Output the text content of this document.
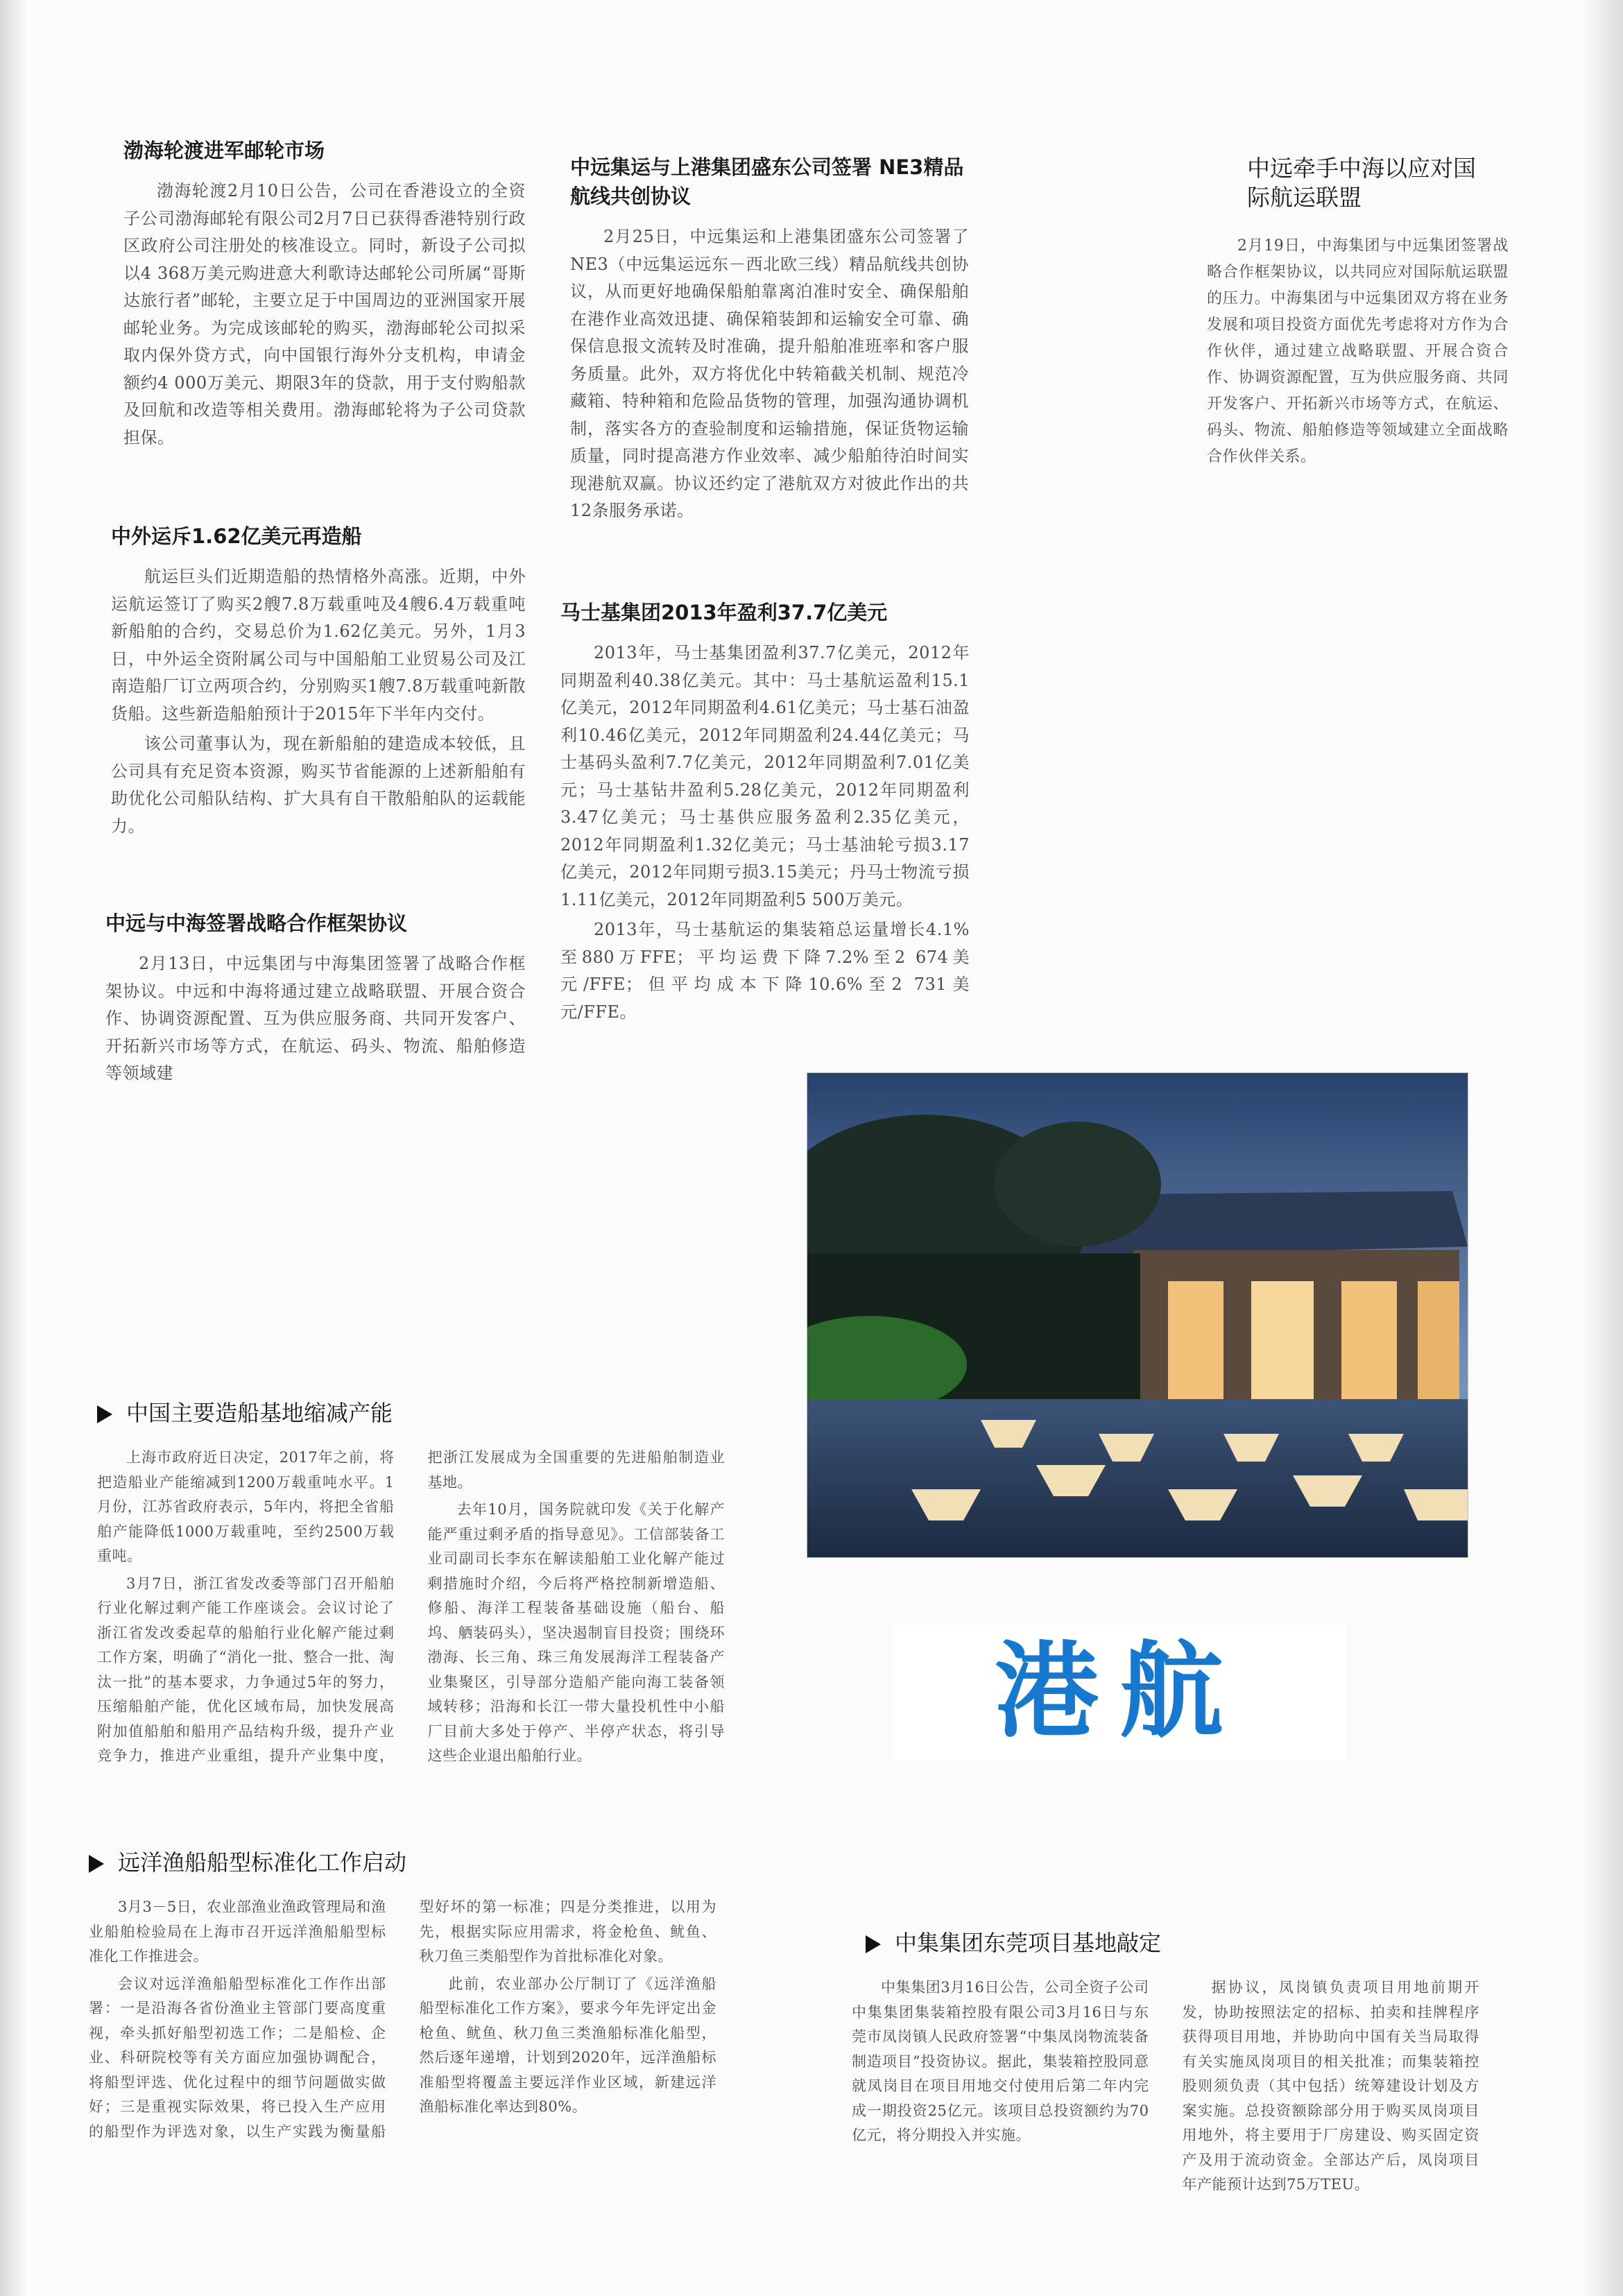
渤海轮渡进军邮轮市场

渤海轮渡2月10日公告，公司在香港设立的全资子公司渤海邮轮有限公司2月7日已获得香港特别行政区政府公司注册处的核准设立。同时，新设子公司拟以4 368万美元购进意大利歌诗达邮轮公司所属“哥斯达旅行者”邮轮，主要立足于中国周边的亚洲国家开展邮轮业务。为完成该邮轮的购买，渤海邮轮公司拟采取内保外贷方式，向中国银行海外分支机构，申请金额约4 000万美元、期限3年的贷款，用于支付购船款及回航和改造等相关费用。渤海邮轮将为子公司贷款担保。

中外运斥1.62亿美元再造船

航运巨头们近期造船的热情格外高涨。近期，中外运航运签订了购买2艘7.8万载重吨及4艘6.4万载重吨新船舶的合约，交易总价为1.62亿美元。另外，1月3日，中外运全资附属公司与中国船舶工业贸易公司及江南造船厂订立两项合约，分别购买1艘7.8万载重吨新散货船。这些新造船舶预计于2015年下半年内交付。

该公司董事认为，现在新船舶的建造成本较低，且公司具有充足资本资源，购买节省能源的上述新船舶有助优化公司船队结构、扩大具有自干散船舶队的运载能力。

中远与中海签署战略合作框架协议

2月13日，中远集团与中海集团签署了战略合作框架协议。中远和中海将通过建立战略联盟、开展合资合作、协调资源配置、互为供应服务商、共同开发客户、开拓新兴市场等方式，在航运、码头、物流、船舶修造等领域建

中远集运与上港集团盛东公司签署 NE3精品航线共创协议

2月25日，中远集运和上港集团盛东公司签署了NE3（中远集运远东－西北欧三线）精品航线共创协议，从而更好地确保船舶靠离泊准时安全、确保船舶在港作业高效迅捷、确保箱装卸和运输安全可靠、确保信息报文流转及时准确，提升船舶准班率和客户服务质量。此外，双方将优化中转箱截关机制、规范冷藏箱、特种箱和危险品货物的管理，加强沟通协调机制，落实各方的查验制度和运输措施，保证货物运输质量，同时提高港方作业效率、减少船舶待泊时间实现港航双赢。协议还约定了港航双方对彼此作出的共12条服务承诺。

马士基集团2013年盈利37.7亿美元

2013年，马士基集团盈利37.7亿美元，2012年同期盈利40.38亿美元。其中：马士基航运盈利15.1亿美元，2012年同期盈利4.61亿美元；马士基石油盈利10.46亿美元，2012年同期盈利24.44亿美元；马士基码头盈利7.7亿美元，2012年同期盈利7.01亿美元；马士基钻井盈利5.28亿美元，2012年同期盈利3.47亿美元；马士基供应服务盈利2.35亿美元，2012年同期盈利1.32亿美元；马士基油轮亏损3.17亿美元，2012年同期亏损3.15美元；丹马士物流亏损1.11亿美元，2012年同期盈利5 500万美元。

2013年，马士基航运的集装箱总运量增长4.1%至880万FFE；平均运费下降7.2%至2 674美元/FFE；但平均成本下降10.6%至2 731美元/FFE。

中远牵手中海以应对国际航运联盟

2月19日，中海集团与中远集团签署战略合作框架协议，以共同应对国际航运联盟的压力。中海集团与中远集团双方将在业务发展和项目投资方面优先考虑将对方作为合作伙伴，通过建立战略联盟、开展合资合作、协调资源配置，互为供应服务商、共同开发客户、开拓新兴市场等方式，在航运、码头、物流、船舶修造等领域建立全面战略合作伙伴关系。

中国主要造船基地缩减产能

上海市政府近日决定，2017年之前，将把造船业产能缩减到1200万载重吨水平。1月份，江苏省政府表示，5年内，将把全省船舶产能降低1000万载重吨，至约2500万载重吨。

3月7日，浙江省发改委等部门召开船舶行业化解过剩产能工作座谈会。会议讨论了浙江省发改委起草的船舶行业化解产能过剩工作方案，明确了“消化一批、整合一批、淘汰一批”的基本要求，力争通过5年的努力，压缩船舶产能，优化区域布局，加快发展高附加值船舶和船用产品结构升级，提升产业竞争力，推进产业重组，提升产业集中度，把浙江发展成为全国重要的先进船舶制造业基地。

去年10月，国务院就印发《关于化解产能严重过剩矛盾的指导意见》。工信部装备工业司副司长李东在解读船舶工业化解产能过剩措施时介绍，今后将严格控制新增造船、修船、海洋工程装备基础设施（船台、船坞、舾装码头），坚决遏制盲目投资；围绕环渤海、长三角、珠三角发展海洋工程装备产业集聚区，引导部分造船产能向海工装备领域转移；沿海和长江一带大量投机性中小船厂目前大多处于停产、半停产状态，将引导这些企业退出船舶行业。

远洋渔船船型标准化工作启动

3月3－5日，农业部渔业渔政管理局和渔业船舶检验局在上海市召开远洋渔船船型标准化工作推进会。

会议对远洋渔船船型标准化工作作出部署：一是沿海各省份渔业主管部门要高度重视，牵头抓好船型初选工作；二是船检、企业、科研院校等有关方面应加强协调配合，将船型评选、优化过程中的细节问题做实做好；三是重视实际效果，将已投入生产应用的船型作为评选对象，以生产实践为衡量船型好坏的第一标准；四是分类推进，以用为先，根据实际应用需求，将金枪鱼、鱿鱼、秋刀鱼三类船型作为首批标准化对象。

此前，农业部办公厅制订了《远洋渔船船型标准化工作方案》，要求今年先评定出金枪鱼、鱿鱼、秋刀鱼三类渔船标准化船型，然后逐年递增，计划到2020年，远洋渔船标准船型将覆盖主要远洋作业区域，新建远洋渔船标准化率达到80%。

港航
中集集团东莞项目基地敲定

中集集团3月16日公告，公司全资子公司中集集团集装箱控股有限公司3月16日与东莞市凤岗镇人民政府签署“中集凤岗物流装备制造项目”投资协议。据此，集装箱控股同意就凤岗目在项目用地交付使用后第二年内完成一期投资25亿元。该项目总投资额约为70亿元，将分期投入并实施。

据协议，凤岗镇负责项目用地前期开发，协助按照法定的招标、拍卖和挂牌程序获得项目用地，并协助向中国有关当局取得有关实施凤岗项目的相关批准；而集装箱控股则须负责（其中包括）统筹建设计划及方案实施。总投资额除部分用于购买凤岗项目用地外，将主要用于厂房建设、购买固定资产及用于流动资金。全部达产后，凤岗项目年产能预计达到75万TEU。
